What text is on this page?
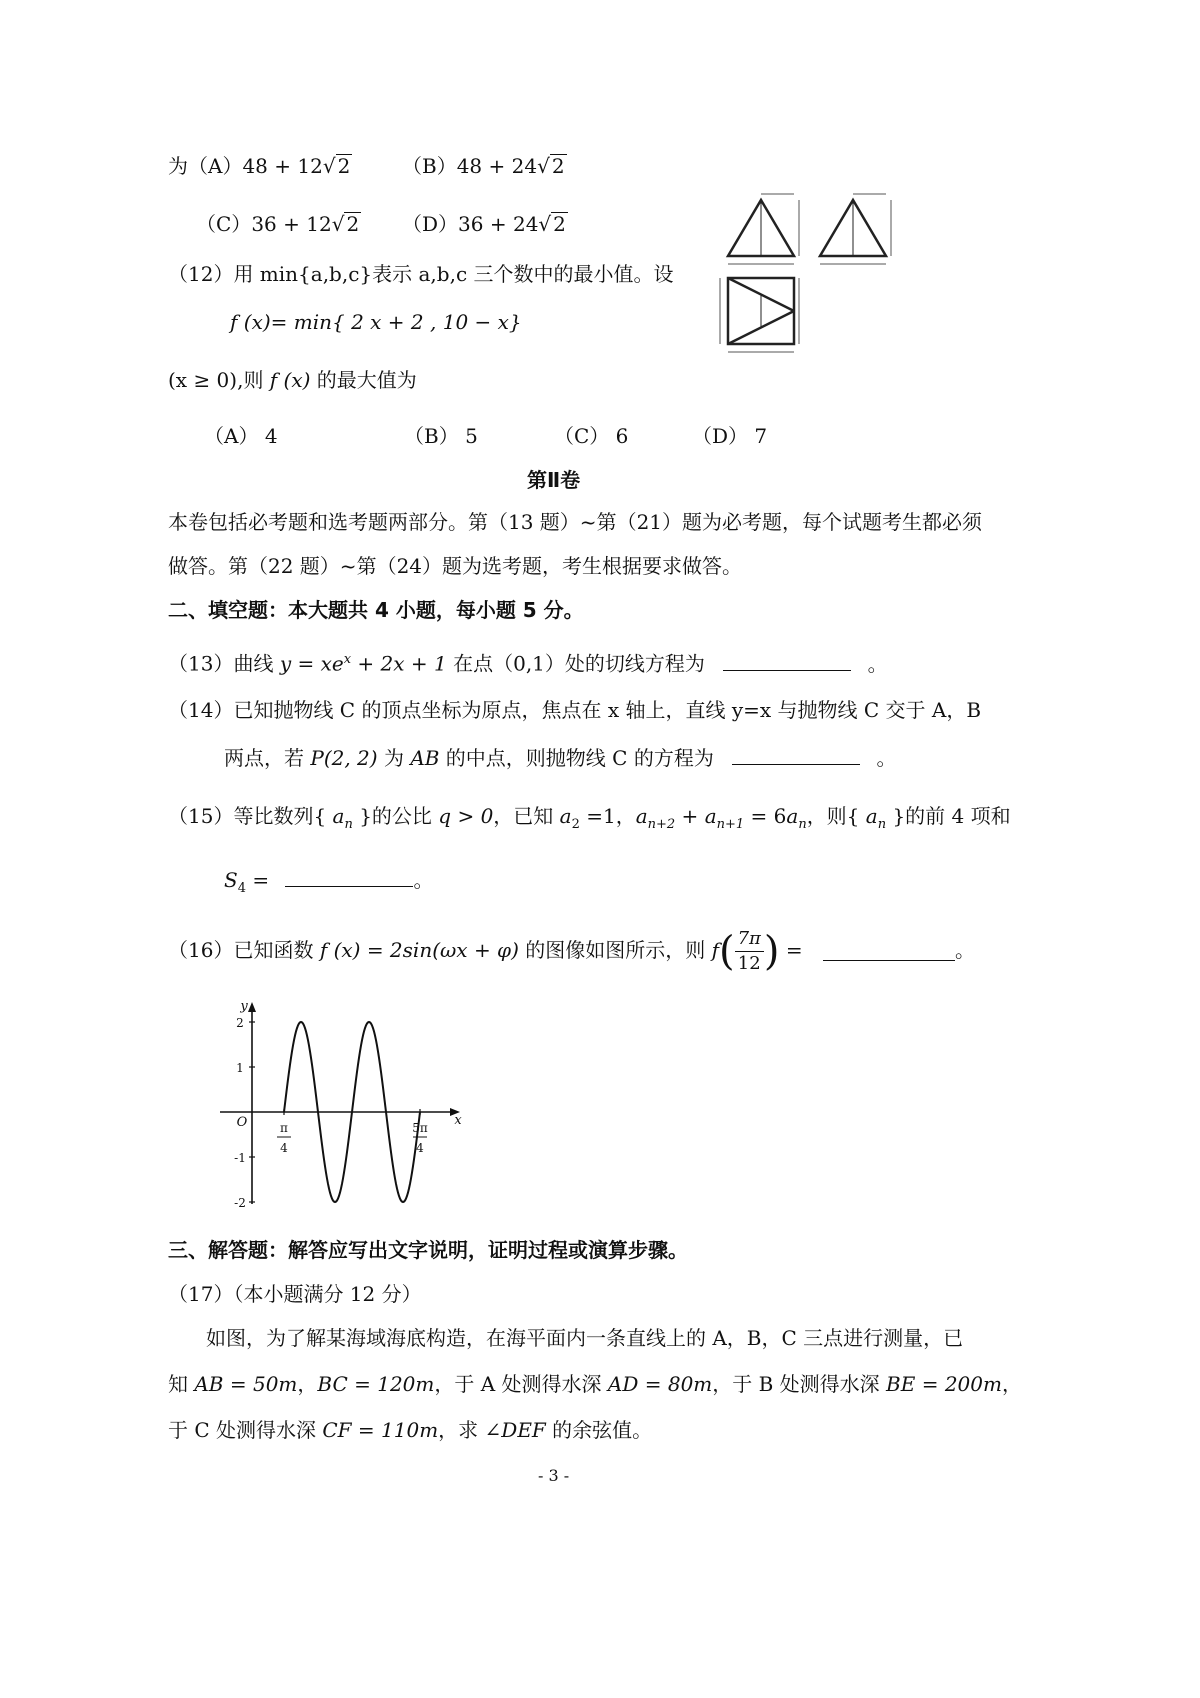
为（A）48 + 12√ 2	（B）48 + 24√ 2
（C）36 + 12√ 2 （D）36 + 24√ 2
（12）用 min{a,b,c}表示 a,b,c 三个数中的最小值。设
f (x)= min{ 2 x + 2 , 10 − x}
(x ≥ 0),则 f (x) 的最大值为
（A） 4	（B） 5	（C） 6	（D） 7
第Ⅱ卷
本卷包括必考题和选考题两部分。第（13 题）~第（21）题为必考题，每个试题考生都必须
做答。第（22 题）~第（24）题为选考题，考生根据要求做答。
二、填空题：本大题共 4 小题，每小题 5 分。
（13）曲线 $y = xe^x + 2x + 1$ 在点（0,1）处的切线方程为	。
（14）已知抛物线 C 的顶点坐标为原点，焦点在 x 轴上，直线 y=x 与抛物线 C 交于 A，B
两点，若 P(2, 2) 为 AB 的中点，则抛物线 C 的方程为	。
（15）等比数列{ $a_n$ }的公比 q > 0，已知 $a_2 =1$，$a_{n+2} + a_{n+1} = 6a_n$，则{ $a_n$ }的前 4 项和
$S_4$ =	。
（16）已知函数 f (x) = 2sin(ωx + φ) 的图像如图所示，则 $f( \frac{7\pi}{12}$ ) =	。
y
x
O
2
1
-1
-2
π
4
5π
4
三、解答题：解答应写出文字说明，证明过程或演算步骤。
（17）（本小题满分 12 分）
如图，为了解某海域海底构造，在海平面内一条直线上的 A，B，C 三点进行测量，已
知 AB = 50m，BC = 120m，于 A 处测得水深 AD = 80m，于 B 处测得水深 BE = 200m，
于 C 处测得水深 CF = 110m，求 ∠DEF 的余弦值。
- 3 -
